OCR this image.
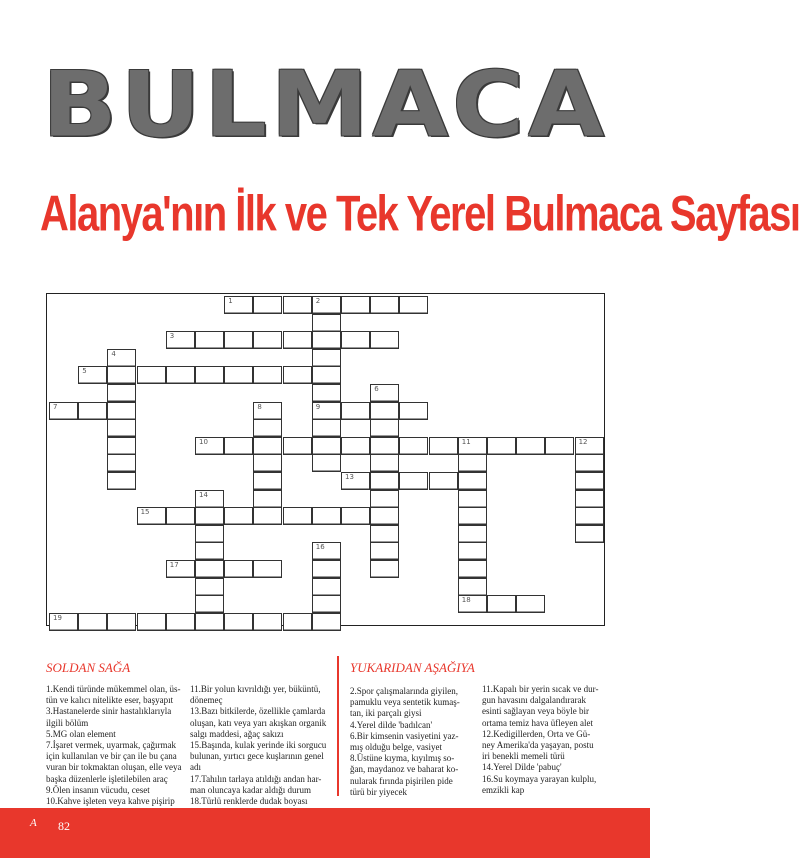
BULMACA
Alanya'nın İlk ve Tek Yerel Bulmaca Sayfası
1	2
3
4
5
6
7	8	9
10	11
18
12
13
14
15
16
17
19
SOLDAN SAĞA

1.Kendi türünde mükemmel olan, üs-

tün ve kalıcı nitelikte eser, başyapıt

3.Hastanelerde sinir hastalıklarıyla

ilgili bölüm

5.MG olan element

7.İşaret vermek, uyarmak, çağırmak

için kullanılan ve bir çan ile bu çana

vuran bir tokmaktan oluşan, elle veya

başka düzenlerle işletilebilen araç

9.Ölen insanın vücudu, ceset

10.Kahve işleten veya kahve pişirip

11.Bir yolun kıvrıldığı yer, büküntü,

dönemeç

13.Bazı bitkilerde, özellikle çamlarda

oluşan, katı veya yarı akışkan organik

salgı maddesi, ağaç sakızı

15.Başında, kulak yerinde iki sorgucu

bulunan, yırtıcı gece kuşlarının genel adı

17.Tahılın tarlaya atıldığı andan har-

man oluncaya kadar aldığı durum

18.Türlü renklerde dudak boyası

YUKARIDAN AŞAĞIYA

2.Spor çalışmalarında giyilen,

pamuklu veya sentetik kumaş-

tan, iki parçalı giysi

4.Yerel dilde 'badılcan'

6.Bir kimsenin vasiyetini yaz-

mış olduğu belge, vasiyet

8.Üstüne kıyma, kıyılmış so-

ğan, maydanoz ve baharat ko-

nularak fırında pişirilen pide

türü bir yiyecek

11.Kapalı bir yerin sıcak ve dur-

gun havasını dalgalandırarak

esinti sağlayan veya böyle bir

ortama temiz hava üfleyen alet

12.Kedigillerden, Orta ve Gü-

ney Amerika'da yaşayan, postu

iri benekli memeli türü

14.Yerel Dilde 'pabuç'

16.Su koymaya yarayan kulplu,

emzikli kap

A 82
